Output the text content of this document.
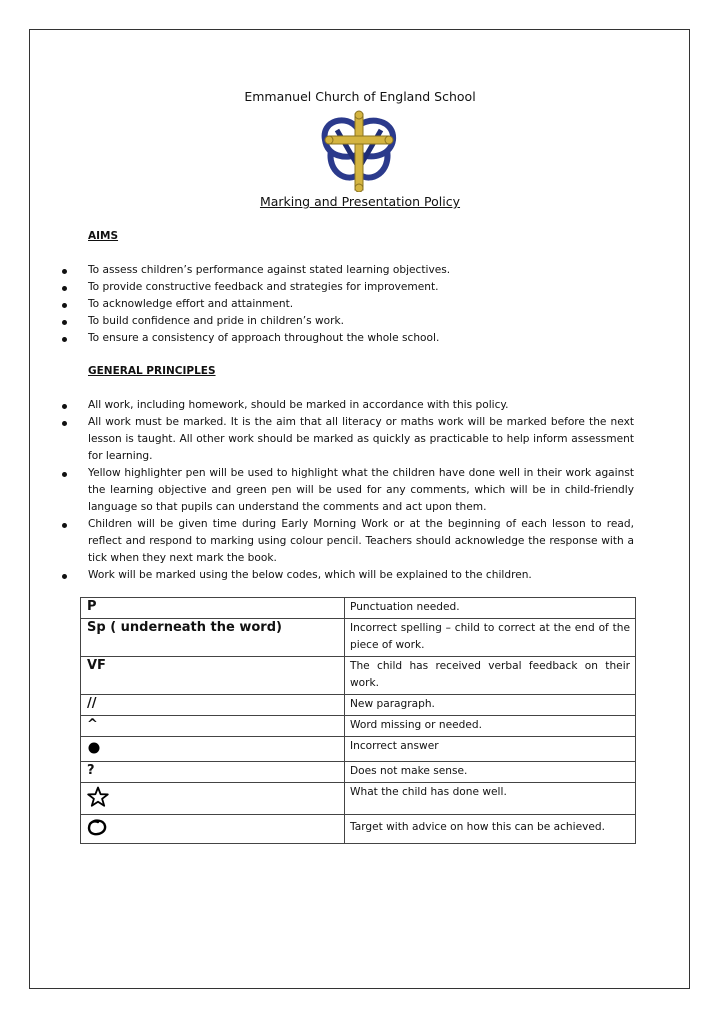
Emmanuel Church of England School
Marking and Presentation Policy
AIMS
To assess children’s performance against stated learning objectives.
To provide constructive feedback and strategies for improvement.
To acknowledge effort and attainment.
To build confidence and pride in children’s work.
To ensure a consistency of approach throughout the whole school.
GENERAL PRINCIPLES
All work, including homework, should be marked in accordance with this policy.
All work must be marked. It is the aim that all literacy or maths work will be marked before the next lesson is taught. All other work should be marked as quickly as practicable to help inform assessment for learning.
Yellow highlighter pen will be used to highlight what the children have done well in their work against the learning objective and green pen will be used for any comments, which will be in child-friendly language so that pupils can understand the comments and act upon them.
Children will be given time during Early Morning Work or at the beginning of each lesson to read, reflect and respond to marking using colour pencil. Teachers should acknowledge the response with a tick when they next mark the book.
Work will be marked using the below codes, which will be explained to the children.
P	Punctuation needed.
Sp ( underneath the word)	Incorrect spelling – child to correct at the end of the piece of work.
VF	The child has received verbal feedback on their work.
//	New paragraph.
^	Word missing or needed.
	Incorrect answer
?	Does not make sense.
	What the child has done well.
	Target with advice on how this can be achieved.
